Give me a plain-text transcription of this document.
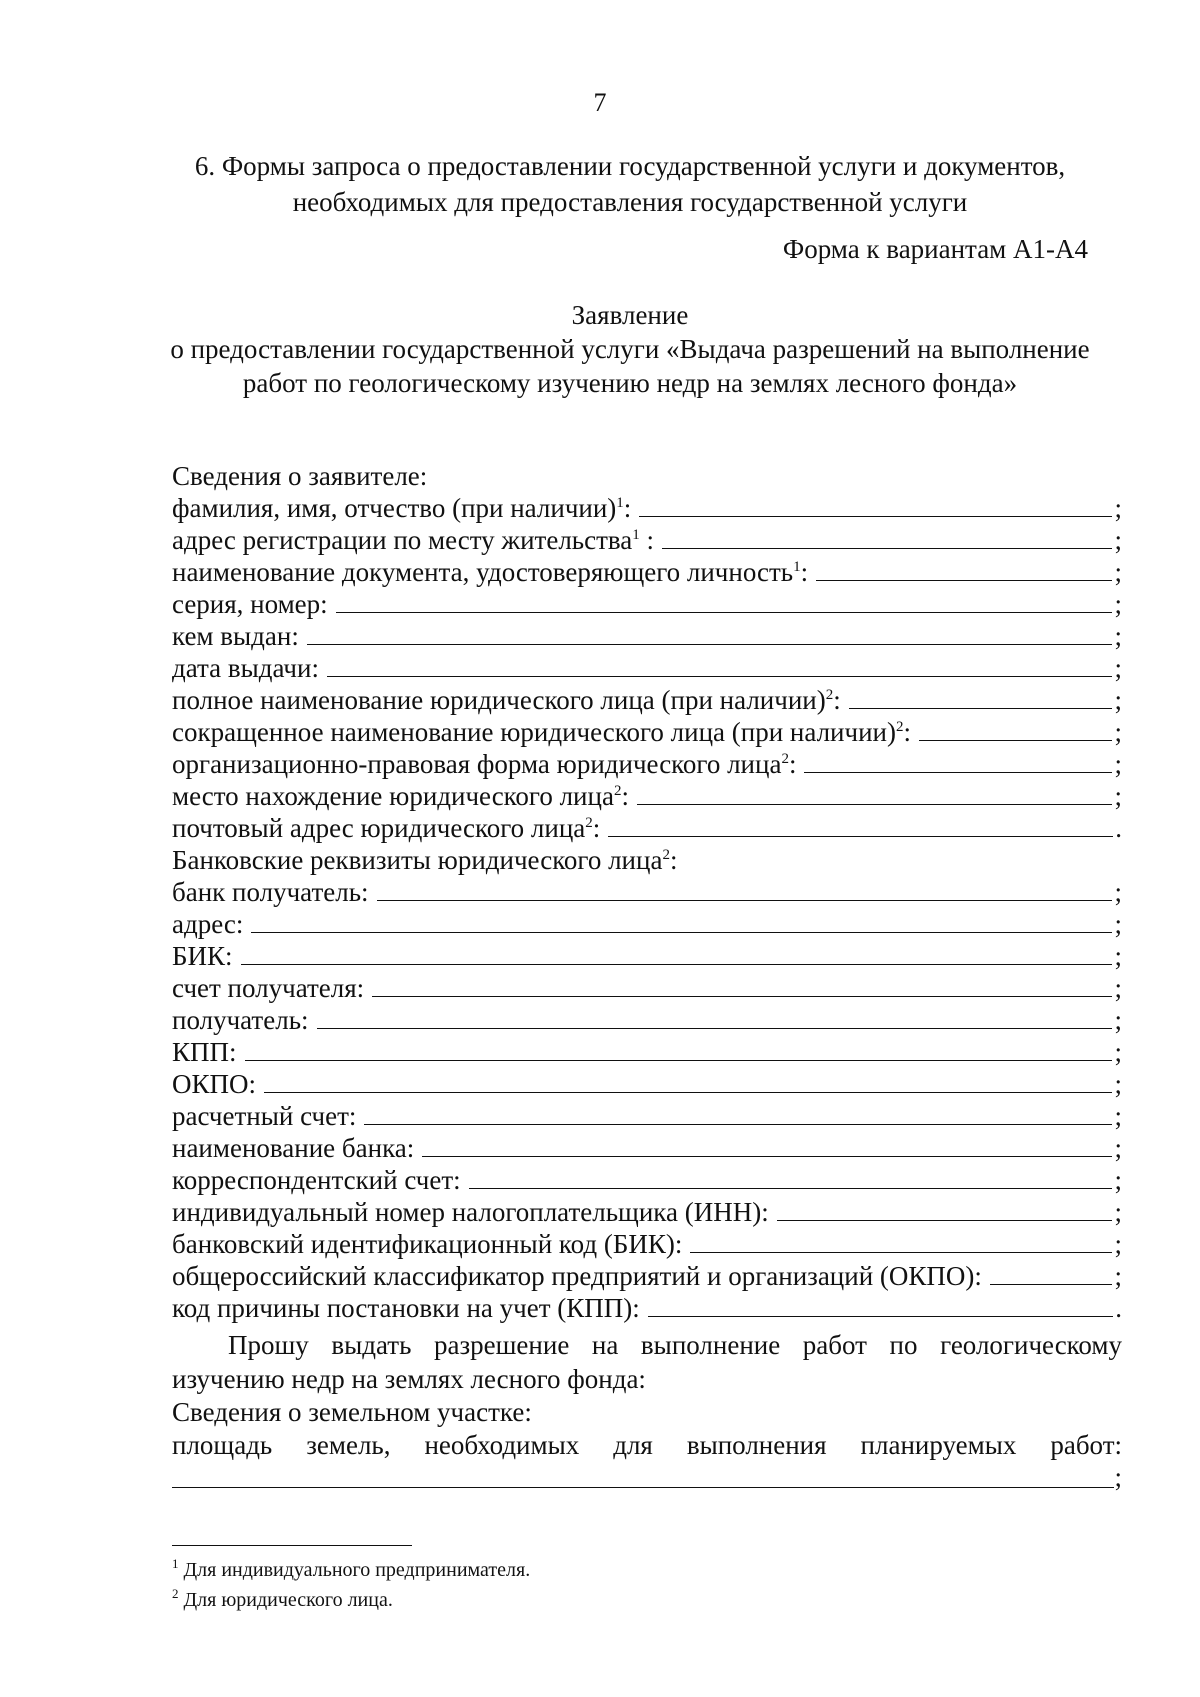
7
6. Формы запроса о предоставлении государственной услуги и документов, необходимых для предоставления государственной услуги
Форма к вариантам А1-А4
Заявление
о предоставлении государственной услуги «Выдача разрешений на выполнение работ по геологическому изучению недр на землях лесного фонда»
Сведения о заявителе:
фамилия, имя, отчество (при наличии)$^1$:	;
адрес регистрации по месту жительства$^1$ :	;
наименование документа, удостоверяющего личность$^1$:	;
серия, номер:	;
кем выдан:	;
дата выдачи:	;
полное наименование юридического лица (при наличии)$^2$:	;
сокращенное наименование юридического лица (при наличии)$^2$:	;
организационно-правовая форма юридического лица$^2$:	;
место нахождение юридического лица$^2$:	;
почтовый адрес юридического лица$^2$:	.
Банковские реквизиты юридического лица$^2$:
банк получатель:	;
адрес:	;
БИК:	;
счет получателя:	;
получатель:	;
КПП:	;
ОКПО:	;
расчетный счет:	;
наименование банка:	;
корреспондентский счет:	;
индивидуальный номер налогоплательщика (ИНН):	;
банковский идентификационный код (БИК):	;
общероссийский классификатор предприятий и организаций (ОКПО):	;
код причины постановки на учет (КПП):	.
Прошу выдать разрешение на выполнение работ по геологическому изучению недр на землях лесного фонда:
Сведения о земельном участке:
площадь земель, необходимых для выполнения планируемых работ:
;
$^1$ Для индивидуального предпринимателя.
$^2$ Для юридического лица.
